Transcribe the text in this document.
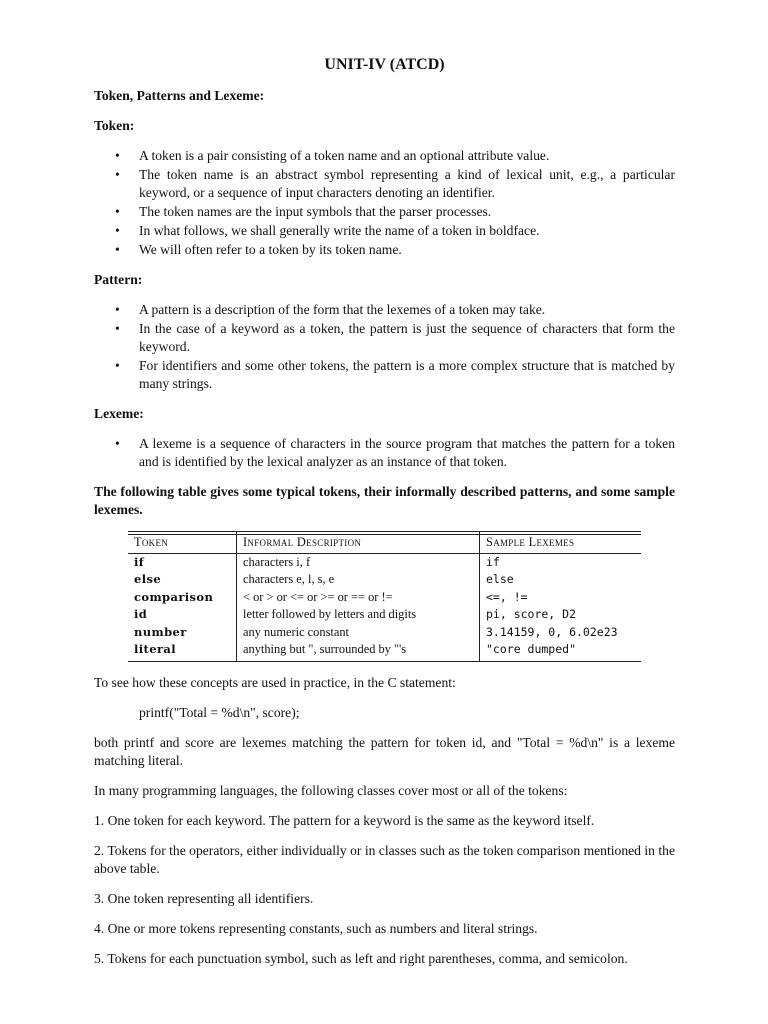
UNIT-IV (ATCD)
Token, Patterns and Lexeme:
Token:
• A token is a pair consisting of a token name and an optional attribute value.
• The token name is an abstract symbol representing a kind of lexical unit, e.g., a particular keyword, or a sequence of input characters denoting an identifier.
• The token names are the input symbols that the parser processes.
• In what follows, we shall generally write the name of a token in boldface.
• We will often refer to a token by its token name.
Pattern:
• A pattern is a description of the form that the lexemes of a token may take.
• In the case of a keyword as a token, the pattern is just the sequence of characters that form the keyword.
• For identifiers and some other tokens, the pattern is a more complex structure that is matched by many strings.
Lexeme:
• A lexeme is a sequence of characters in the source program that matches the pattern for a token and is identified by the lexical analyzer as an instance of that token.

The following table gives some typical tokens, their informally described patterns, and some sample lexemes.

Token	Informal Description	Sample Lexemes
if	characters i, f	if
else	characters e, l, s, e	else
comparison	< or > or <= or >= or == or !=	<=, !=
id	letter followed by letters and digits	pi, score, D2
number	any numeric constant	3.14159, 0, 6.02e23
literal	anything but ", surrounded by "'s	"core dumped"

To see how these concepts are used in practice, in the C statement:

printf("Total = %d\n", score);

both printf and score are lexemes matching the pattern for token id, and "Total = %d\n" is a lexeme matching literal.

In many programming languages, the following classes cover most or all of the tokens:

1. One token for each keyword. The pattern for a keyword is the same as the keyword itself.

2. Tokens for the operators, either individually or in classes such as the token comparison mentioned in the above table.

3. One token representing all identifiers.

4. One or more tokens representing constants, such as numbers and literal strings.

5. Tokens for each punctuation symbol, such as left and right parentheses, comma, and semicolon.
